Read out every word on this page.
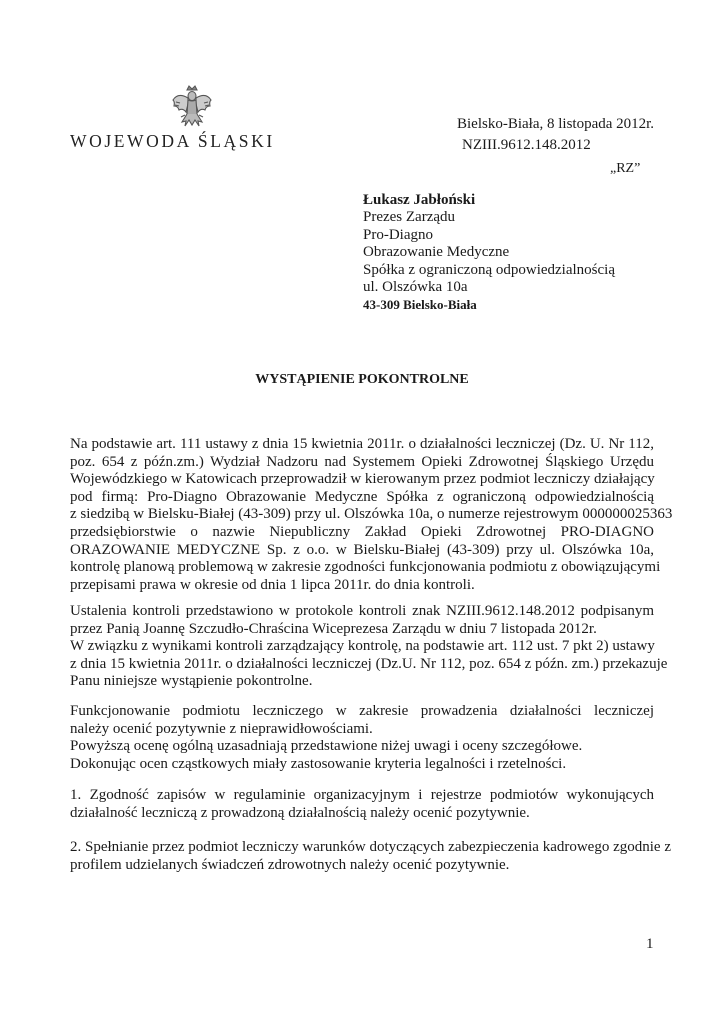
WOJEWODA ŚLĄSKI
Bielsko-Biała, 8 listopada 2012r.
NZIII.9612.148.2012
„RZ”
Łukasz Jabłoński
Prezes Zarządu
Pro-Diagno
Obrazowanie Medyczne
Spółka z ograniczoną odpowiedzialnością
ul. Olszówka 10a
43-309 Bielsko-Biała
WYSTĄPIENIE POKONTROLNE
Na podstawie art. 111 ustawy z dnia 15 kwietnia 2011r. o działalności leczniczej (Dz. U. Nr 112,
poz. 654 z późn.zm.) Wydział Nadzoru nad Systemem Opieki Zdrowotnej Śląskiego Urzędu
Wojewódzkiego w Katowicach przeprowadził w kierowanym przez podmiot leczniczy działający
pod firmą: Pro-Diagno Obrazowanie Medyczne Spółka z ograniczoną odpowiedzialnością
z siedzibą w Bielsku-Białej (43-309) przy ul. Olszówka 10a, o numerze rejestrowym 000000025363
przedsiębiorstwie o nazwie Niepubliczny Zakład Opieki Zdrowotnej PRO-DIAGNO
ORAZOWANIE MEDYCZNE Sp. z o.o. w Bielsku-Białej (43-309) przy ul. Olszówka 10a,
kontrolę planową problemową w zakresie zgodności funkcjonowania podmiotu z obowiązującymi
przepisami prawa w okresie od dnia 1 lipca 2011r. do dnia kontroli.
Ustalenia kontroli przedstawiono w protokole kontroli znak NZIII.9612.148.2012 podpisanym
przez Panią Joannę Szczudło-Chraścina Wiceprezesa Zarządu w dniu 7 listopada 2012r.
W związku z wynikami kontroli zarządzający kontrolę, na podstawie art. 112 ust. 7 pkt 2) ustawy
z dnia 15 kwietnia 2011r. o działalności leczniczej (Dz.U. Nr 112, poz. 654 z późn. zm.) przekazuje
Panu niniejsze wystąpienie pokontrolne.
Funkcjonowanie podmiotu leczniczego w zakresie prowadzenia działalności leczniczej
należy ocenić pozytywnie z nieprawidłowościami.
Powyższą ocenę ogólną uzasadniają przedstawione niżej uwagi i oceny szczegółowe.
Dokonując ocen cząstkowych miały zastosowanie kryteria legalności i rzetelności.
1. Zgodność zapisów w regulaminie organizacyjnym i rejestrze podmiotów wykonujących
działalność leczniczą z prowadzoną działalnością należy ocenić pozytywnie.
2. Spełnianie przez podmiot leczniczy warunków dotyczących zabezpieczenia kadrowego zgodnie z
profilem udzielanych świadczeń zdrowotnych należy ocenić pozytywnie.
1
